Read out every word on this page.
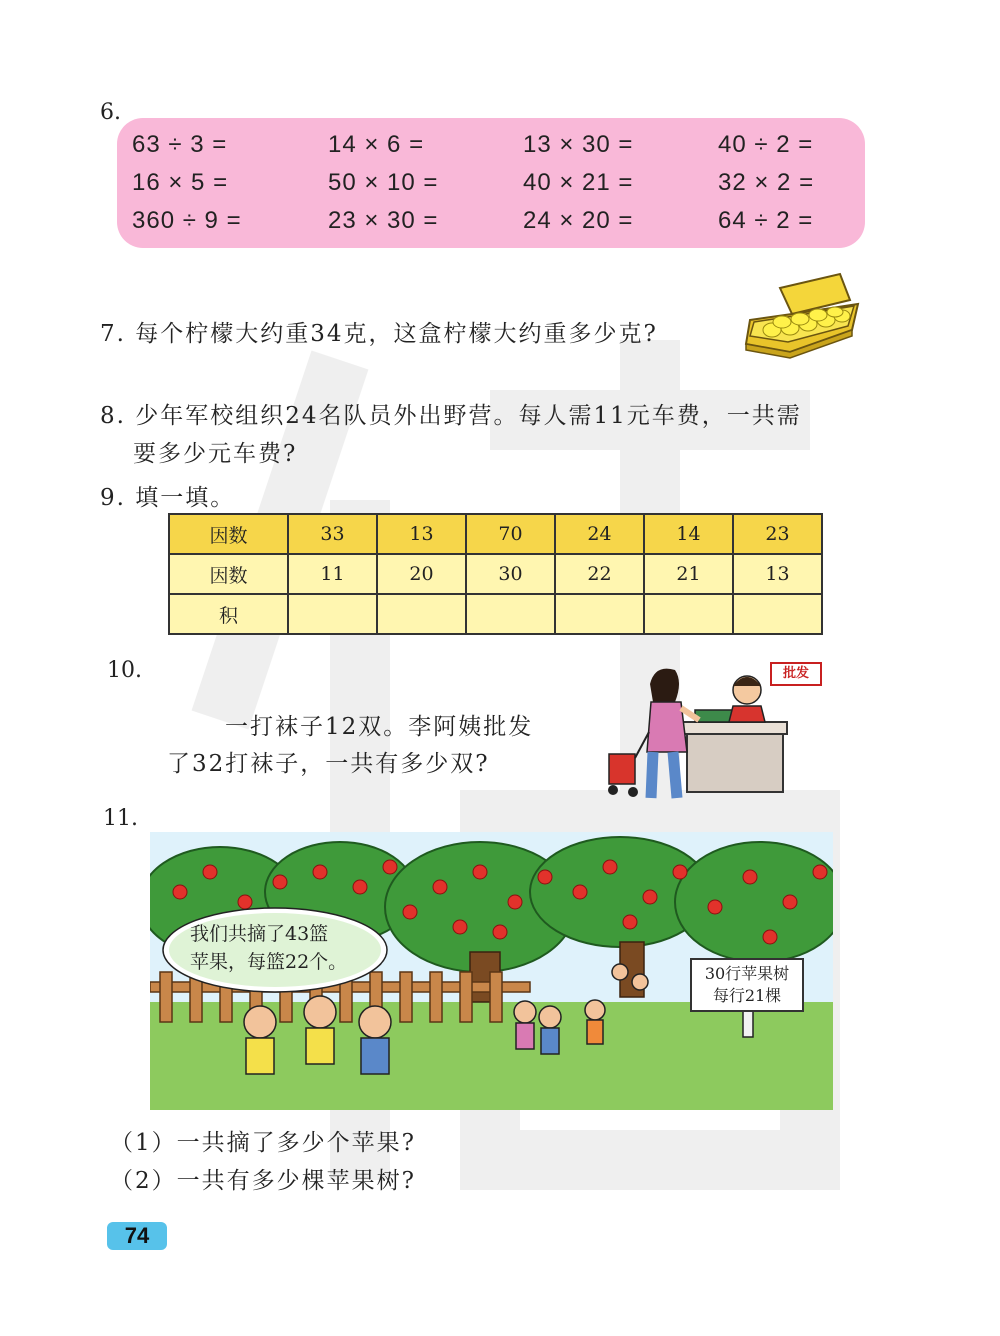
6.
63 ÷ 3 =	14 × 6 =	13 × 30 =	40 ÷ 2 =
16 × 5 =	50 × 10 =	40 × 21 =	32 × 2 =
360 ÷ 9 =	23 × 30 =	24 × 20 =	64 ÷ 2 =
7. 每个柠檬大约重34克，这盒柠檬大约重多少克?
8. 少年军校组织24名队员外出野营。每人需11元车费，一共需
要多少元车费?
9. 填一填。
因数	33	13	70	24	14	23
因数	11	20	30	22	21	13
积						
10.
一打袜子12双。李阿姨批发
了32打袜子，一共有多少双?
批发
11.
我们共摘了43篮
苹果，每篮22个。
30行苹果树
每行21棵
（1）一共摘了多少个苹果?
（2）一共有多少棵苹果树?
74
